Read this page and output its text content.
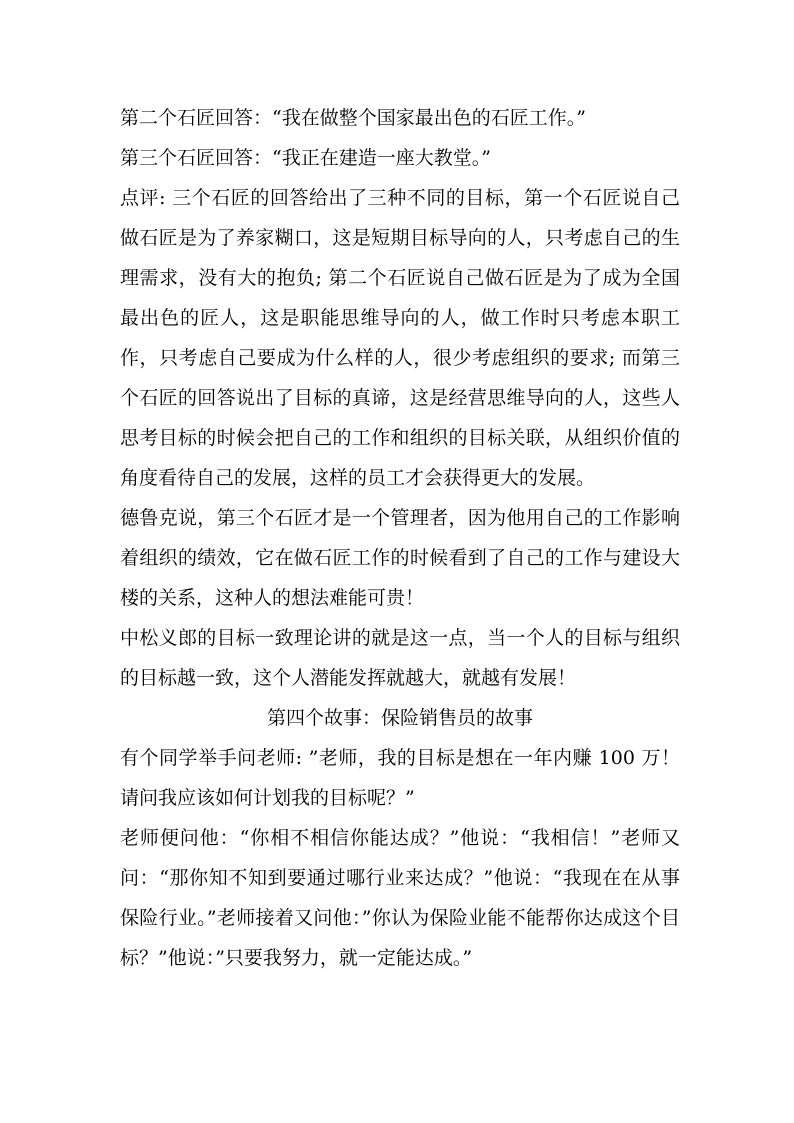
第二个石匠回答：“我在做整个国家最出色的石匠工作。”

第三个石匠回答：“我正在建造一座大教堂。”

点评: 三个石匠的回答给出了三种不同的目标，第一个石匠说自己做石匠是为了养家糊口，这是短期目标导向的人，只考虑自己的生理需求，没有大的抱负; 第二个石匠说自己做石匠是为了成为全国最出色的匠人，这是职能思维导向的人，做工作时只考虑本职工作，只考虑自己要成为什么样的人，很少考虑组织的要求; 而第三个石匠的回答说出了目标的真谛，这是经营思维导向的人，这些人思考目标的时候会把自己的工作和组织的目标关联，从组织价值的角度看待自己的发展，这样的员工才会获得更大的发展。

德鲁克说，第三个石匠才是一个管理者，因为他用自己的工作影响着组织的绩效，它在做石匠工作的时候看到了自己的工作与建设大楼的关系，这种人的想法难能可贵！

中松义郎的目标一致理论讲的就是这一点，当一个人的目标与组织的目标越一致，这个人潜能发挥就越大，就越有发展！

第四个故事：保险销售员的故事

有个同学举手问老师: ”老师，我的目标是想在一年内赚 100 万！请问我应该如何计划我的目标呢？”

老师便问他：“你相不相信你能达成？”他说：“我相信！”老师又问：“那你知不知到要通过哪行业来达成？”他说：“我现在在从事保险行业。”老师接着又问他：”你认为保险业能不能帮你达成这个目标？”他说：”只要我努力，就一定能达成。”
